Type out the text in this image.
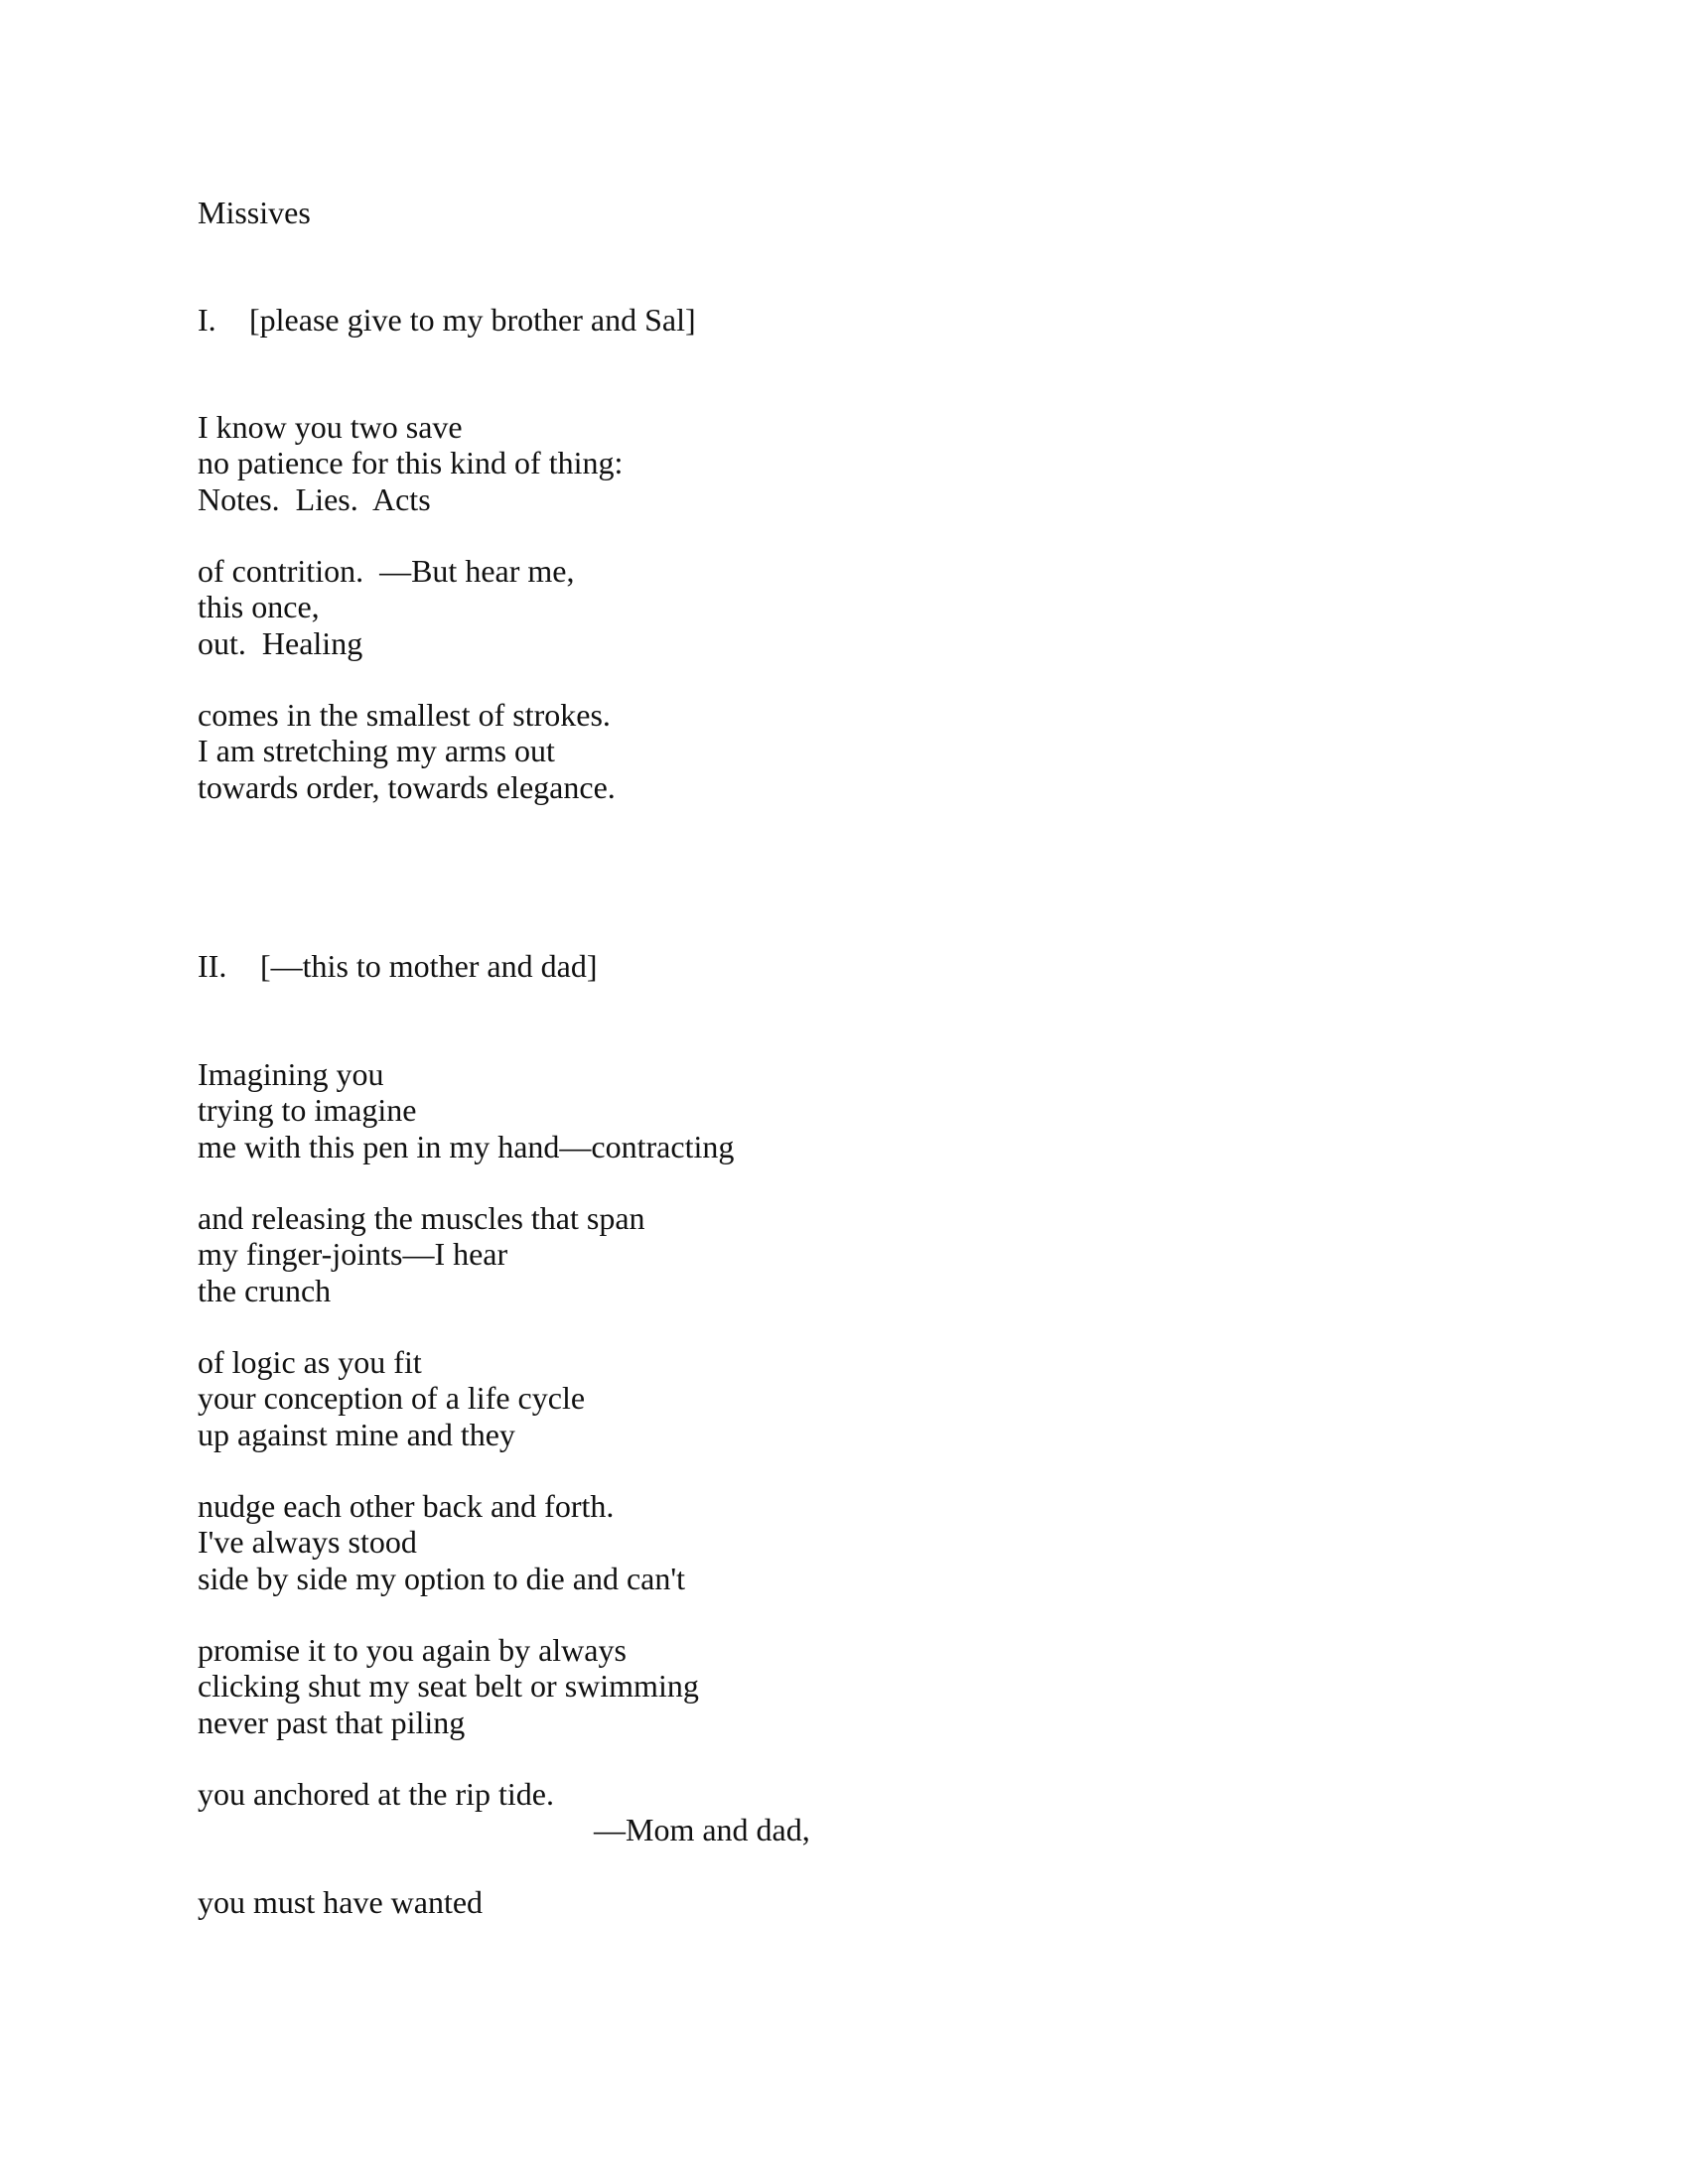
Missives
I.	[please give to my brother and Sal]
I know you two save
no patience for this kind of thing:
Notes.  Lies.  Acts
of contrition.  —But hear me,
this once,
out.  Healing
comes in the smallest of strokes.
I am stretching my arms out
towards order, towards elegance.
II.	[—this to mother and dad]
Imagining you
trying to imagine
me with this pen in my hand—contracting
and releasing the muscles that span
my finger-joints—I hear
the crunch
of logic as you fit
your conception of a life cycle
up against mine and they
nudge each other back and forth.
I've always stood
side by side my option to die and can't
promise it to you again by always
clicking shut my seat belt or swimming
never past that piling
you anchored at the rip tide.
—Mom and dad,
you must have wanted
